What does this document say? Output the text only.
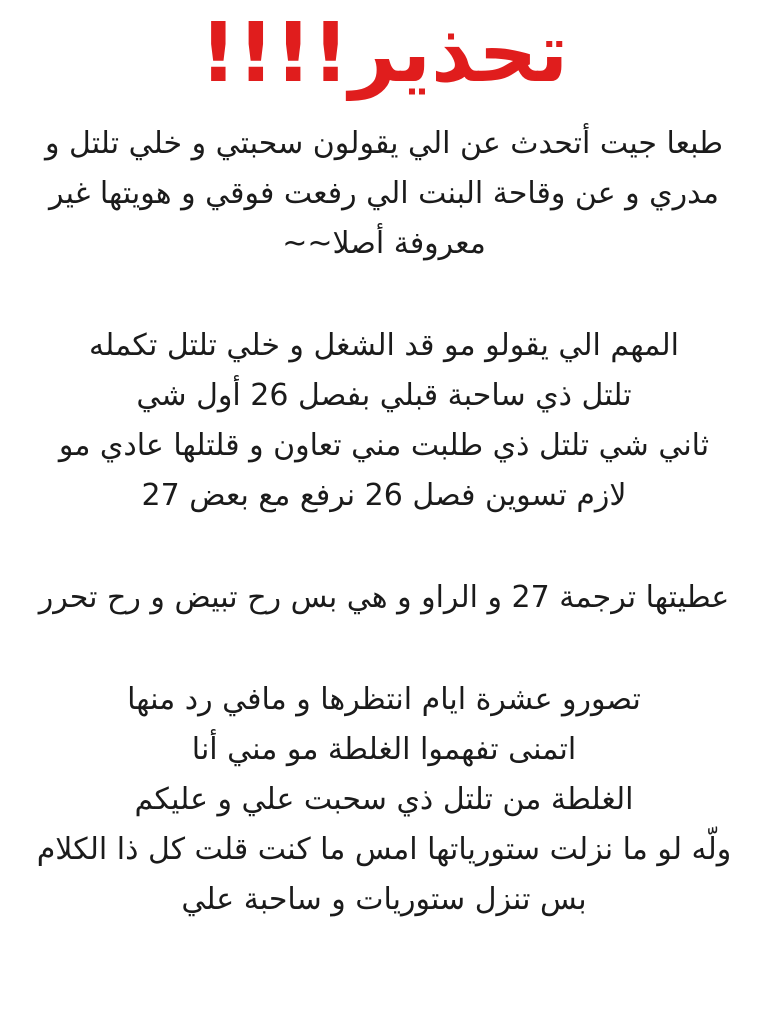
تحذير!!!!
طبعا جيت أتحدث عن الي يقولون سحبتي و خلي تلتل و
مدري و عن وقاحة البنت الي رفعت فوقي و هويتها غير
معروفة أصلا~~
المهم الي يقولو مو قد الشغل و خلي تلتل تكمله
تلتل ذي ساحبة قبلي بفصل 26 أول شي
ثاني شي تلتل ذي طلبت مني تعاون و قلتلها عادي مو
لازم تسوين فصل 26 نرفع مع بعض 27
عطيتها ترجمة 27 و الراو و هي بس رح تبيض و رح تحرر
تصورو عشرة ايام انتظرها و مافي رد منها
اتمنى تفهموا الغلطة مو مني أنا
الغلطة من تلتل ذي سحبت علي و عليكم
ولّه لو ما نزلت ستورياتها امس ما كنت قلت كل ذا الكلام
بس تنزل ستوريات و ساحبة علي
